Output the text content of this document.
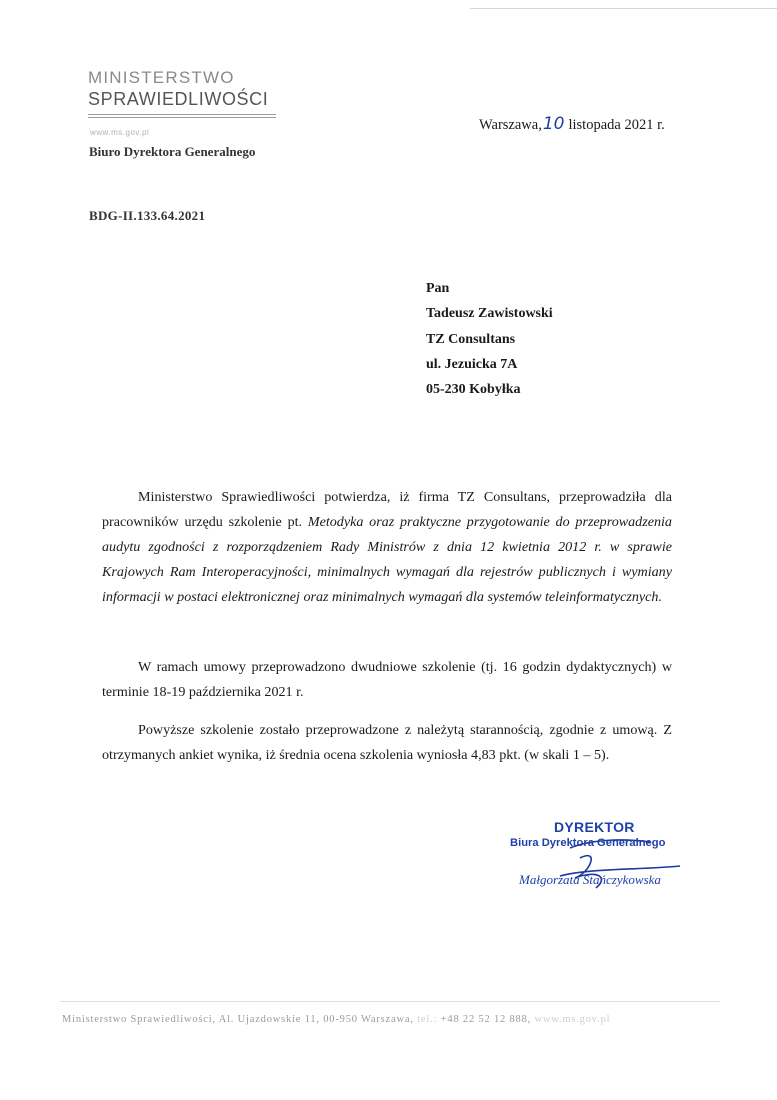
MINISTERSTWO
SPRAWIEDLIWOŚCI
www.ms.gov.pl
Biuro Dyrektora Generalnego
BDG-II.133.64.2021
Warszawa,10 listopada 2021 r.
Pan
Tadeusz Zawistowski
TZ Consultans
ul. Jezuicka 7A
05-230 Kobyłka
Ministerstwo Sprawiedliwości potwierdza, iż firma TZ Consultans, przeprowadziła dla pracowników urzędu szkolenie pt. Metodyka oraz praktyczne przygotowanie do przeprowadzenia audytu zgodności z rozporządzeniem Rady Ministrów z dnia 12 kwietnia 2012 r. w sprawie Krajowych Ram Interoperacyjności, minimalnych wymagań dla rejestrów publicznych i wymiany informacji w postaci elektronicznej oraz minimalnych wymagań dla systemów teleinformatycznych.
W ramach umowy przeprowadzono dwudniowe szkolenie (tj. 16 godzin dydaktycznych) w terminie 18-19 października 2021 r.
Powyższe szkolenie zostało przeprowadzone z należytą starannością, zgodnie z umową. Z otrzymanych ankiet wynika, iż średnia ocena szkolenia wyniosła 4,83 pkt. (w skali 1 – 5).
DYREKTOR
Biura Dyrektora Generalnego
Małgorzata Stańczykowska
Ministerstwo Sprawiedliwości, Al. Ujazdowskie 11, 00-950 Warszawa, tel.: +48 22 52 12 888, www.ms.gov.pl
